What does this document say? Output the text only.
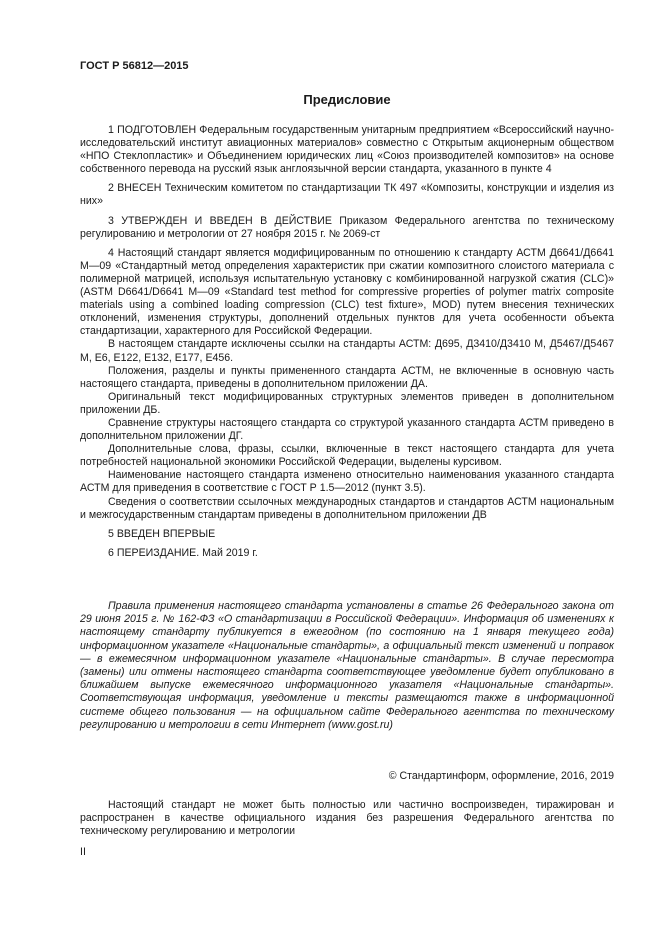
ГОСТ Р 56812—2015
Предисловие

1 ПОДГОТОВЛЕН Федеральным государственным унитарным предприятием «Всероссийский научно-исследовательский институт авиационных материалов» совместно с Открытым акционерным обществом «НПО Стеклопластик» и Объединением юридических лиц «Союз производителей композитов» на основе собственного перевода на русский язык англоязычной версии стандарта, указанного в пункте 4

2 ВНЕСЕН Техническим комитетом по стандартизации ТК 497 «Композиты, конструкции и изделия из них»

3 УТВЕРЖДЕН И ВВЕДЕН В ДЕЙСТВИЕ Приказом Федерального агентства по техническому регулированию и метрологии от 27 ноября 2015 г. № 2069-ст

4 Настоящий стандарт является модифицированным по отношению к стандарту АСТМ Д6641/Д6641 М—09 «Стандартный метод определения характеристик при сжатии композитного слоистого материала с полимерной матрицей, используя испытательную установку с комбинированной нагрузкой сжатия (CLC)» (ASTM D6641/D6641 M—09 «Standard test method for compressive properties of polymer matrix composite materials using a combined loading compression (CLC) test fixture», MOD) путем внесения технических отклонений, изменения структуры, дополнений отдельных пунктов для учета особенности объекта стандартизации, характерного для Российской Федерации.

В настоящем стандарте исключены ссылки на стандарты АСТМ: Д695, Д3410/Д3410 М, Д5467/Д5467 М, Е6, Е122, Е132, Е177, Е456.

Положения, разделы и пункты примененного стандарта АСТМ, не включенные в основную часть настоящего стандарта, приведены в дополнительном приложении ДА.

Оригинальный текст модифицированных структурных элементов приведен в дополнительном приложении ДБ.

Сравнение структуры настоящего стандарта со структурой указанного стандарта АСТМ приведено в дополнительном приложении ДГ.

Дополнительные слова, фразы, ссылки, включенные в текст настоящего стандарта для учета потребностей национальной экономики Российской Федерации, выделены курсивом.

Наименование настоящего стандарта изменено относительно наименования указанного стандарта АСТМ для приведения в соответствие с ГОСТ Р 1.5—2012 (пункт 3.5).

Сведения о соответствии ссылочных международных стандартов и стандартов АСТМ национальным и межгосударственным стандартам приведены в дополнительном приложении ДВ

5 ВВЕДЕН ВПЕРВЫЕ

6 ПЕРЕИЗДАНИЕ. Май 2019 г.

Правила применения настоящего стандарта установлены в статье 26 Федерального закона от 29 июня 2015 г. № 162-ФЗ «О стандартизации в Российской Федерации». Информация об изменениях к настоящему стандарту публикуется в ежегодном (по состоянию на 1 января текущего года) информационном указателе «Национальные стандарты», а официальный текст изменений и поправок — в ежемесячном информационном указателе «Национальные стандарты». В случае пересмотра (замены) или отмены настоящего стандарта соответствующее уведомление будет опубликовано в ближайшем выпуске ежемесячного информационного указателя «Национальные стандарты». Соответствующая информация, уведомление и тексты размещаются также в информационной системе общего пользования — на официальном сайте Федерального агентства по техническому регулированию и метрологии в сети Интернет (www.gost.ru)

© Стандартинформ, оформление, 2016, 2019

Настоящий стандарт не может быть полностью или частично воспроизведен, тиражирован и распространен в качестве официального издания без разрешения Федерального агентства по техническому регулированию и метрологии

II
